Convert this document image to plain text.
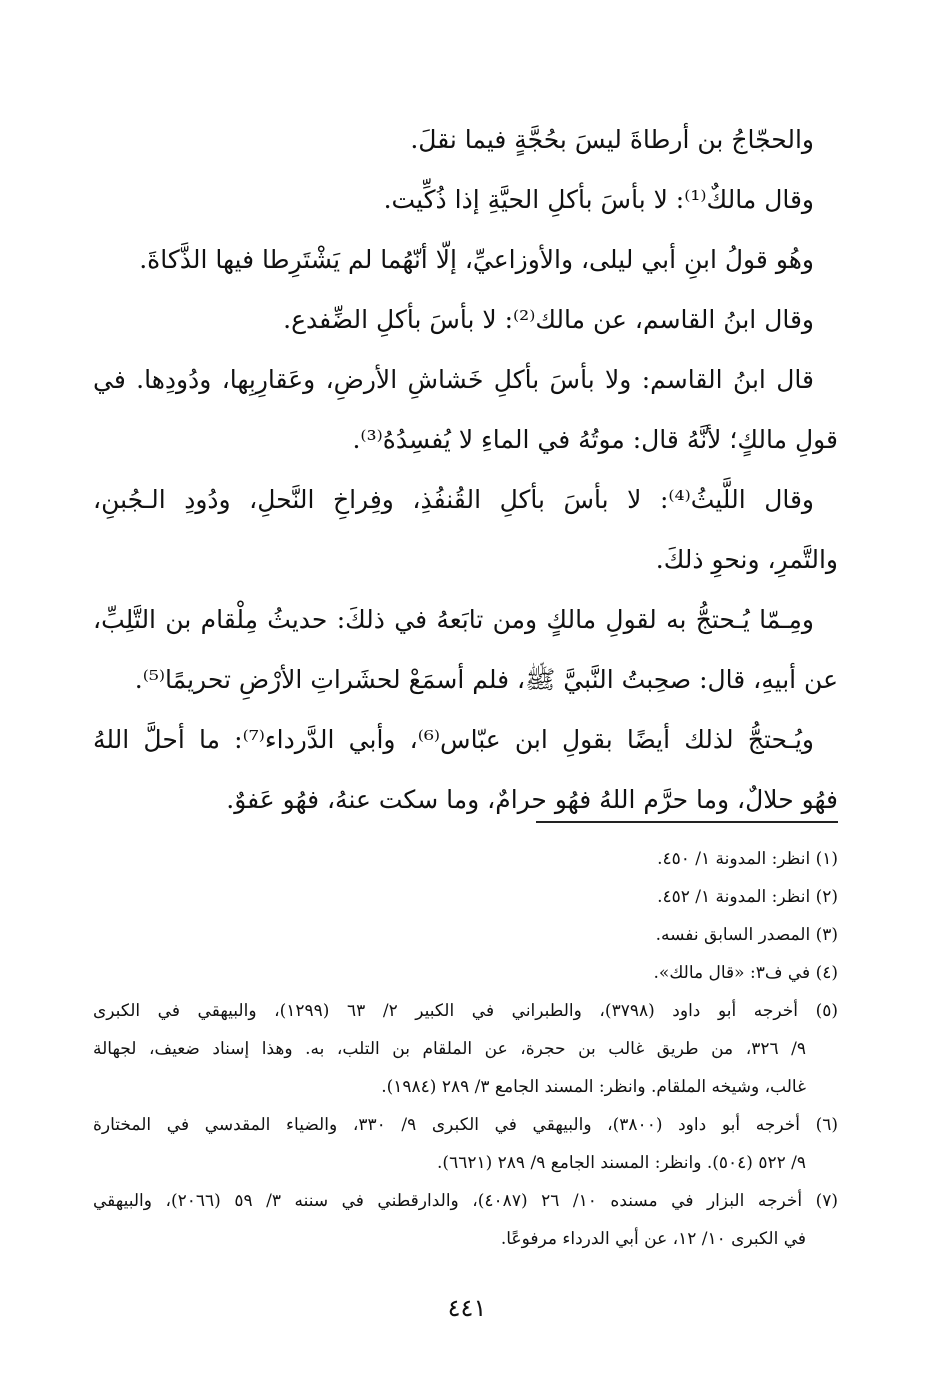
والحجّاجُ بن أرطاةَ ليسَ بحُجَّةٍ فيما نقلَ.
وقال مالكٌ⁽¹⁾: لا بأسَ بأكلِ الحيَّةِ إذا ذُكِّيت.
وهُو قولُ ابنِ أبي ليلى، والأوزاعيِّ، إلّا أنّهُما لم يَشْتَرِطا فيها الذَّكاةَ.
وقال ابنُ القاسم، عن مالك⁽²⁾: لا بأسَ بأكلِ الضِّفدع.
قال ابنُ القاسم: ولا بأسَ بأكلِ خَشاشِ الأرضِ، وعَقارِبِها، ودُودِها. في
قولِ مالكٍ؛ لأنَّهُ قال: موتُهُ في الماءِ لا يُفسِدُهُ⁽³⁾.
وقال اللَّيثُ⁽⁴⁾: لا بأسَ بأكلِ القُنفُذِ، وفِراخِ النَّحلِ، ودُودِ الـجُبنِ،
والتَّمرِ، ونحوِ ذلكَ.
ومِـمّا يُـحتجُّ به لقولِ مالكٍ ومن تابَعهُ في ذلكَ: حديثُ مِلْقام بن التَّلِبِّ،
عن أبيهِ، قال: صحِبتُ النَّبيَّ ﷺ، فلم أسمَعْ لحشَراتِ الأرْضِ تحريمًا⁽⁵⁾.
ويُـحتجُّ لذلك أيضًا بقولِ ابن عبّاس⁽⁶⁾، وأبي الدَّرداء⁽⁷⁾: ما أحلَّ اللهُ
فهُو حلالٌ، وما حرَّم اللهُ فهُو حرامٌ، وما سكت عنهُ، فهُو عَفوٌ.
(١) انظر: المدونة ١/ ٤٥٠.
(٢) انظر: المدونة ١/ ٤٥٢.
(٣) المصدر السابق نفسه.
(٤) في ف٣: «قال مالك».
(٥) أخرجه أبو داود (٣٧٩٨)، والطبراني في الكبير ٢/ ٦٣ (١٢٩٩)، والبيهقي في الكبرى
٩/ ٣٢٦، من طريق غالب بن حجرة، عن الملقام بن التلب، به. وهذا إسناد ضعيف، لجهالة
غالب، وشيخه الملقام. وانظر: المسند الجامع ٣/ ٢٨٩ (١٩٨٤).
(٦) أخرجه أبو داود (٣٨٠٠)، والبيهقي في الكبرى ٩/ ٣٣٠، والضياء المقدسي في المختارة
٩/ ٥٢٢ (٥٠٤). وانظر: المسند الجامع ٩/ ٢٨٩ (٦٦٢١).
(٧) أخرجه البزار في مسنده ١٠/ ٢٦ (٤٠٨٧)، والدارقطني في سننه ٣/ ٥٩ (٢٠٦٦)، والبيهقي
في الكبرى ١٠/ ١٢، عن أبي الدرداء مرفوعًا.
٤٤١
